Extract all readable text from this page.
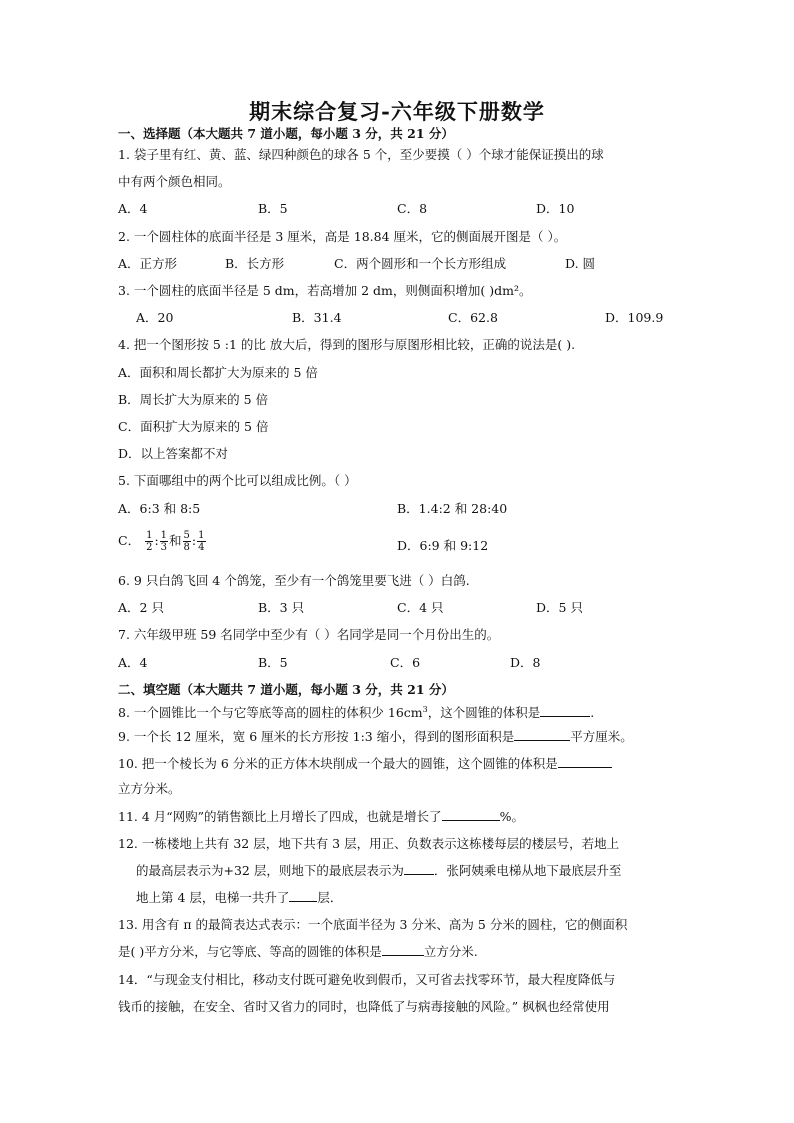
期末综合复习-六年级下册数学
一、选择题（本大题共 7 道小题，每小题 3 分，共 21 分）
1. 袋子里有红、黄、蓝、绿四种颜色的球各 5 个，至少要摸（ ）个球才能保证摸出的球
中有两个颜色相同。
A．4	B．5	C．8	D．10
2. 一个圆柱体的底面半径是 3 厘米，高是 18.84 厘米，它的侧面展开图是（ ）。
A．正方形	B．长方形	C．两个圆形和一个长方形组成	D. 圆
3. 一个圆柱的底面半径是 5 dm，若高增加 2 dm，则侧面积增加( )dm²。
A．20	B．31.4	C．62.8	D．109.9
4. 把一个图形按 5 :1 的比 放大后，得到的图形与原图形相比较，正确的说法是( ).
A．面积和周长都扩大为原来的 5 倍
B．周长扩大为原来的 5 倍
C．面积扩大为原来的 5 倍
D．以上答案都不对
5. 下面哪组中的两个比可以组成比例。（ ）
A．6:3 和 8:5	B．1.4:2 和 28:40
C． $\frac{1}{2}$ : $\frac{1}{3}$ 和 $\frac{5}{8}$ : $\frac{1}{4}$	D．6:9 和 9:12
6. 9 只白鸽飞回 4 个鸽笼，至少有一个鸽笼里要飞进（ ）白鸽.
A．2 只	B．3 只	C．4 只	D．5 只
7. 六年级甲班 59 名同学中至少有（ ）名同学是同一个月份出生的。
A．4	B．5	C．6	D．8
二、填空题（本大题共 7 道小题，每小题 3 分，共 21 分）
8. 一个圆锥比一个与它等底等高的圆柱的体积少 $16cm^3$，这个圆锥的体积是	.
9. 一个长 12 厘米，宽 6 厘米的长方形按 1:3 缩小，得到的图形面积是	平方厘米。
10. 把一个棱长为 6 分米的正方体木块削成一个最大的圆锥，这个圆锥的体积是
立方分米。
11. 4 月“网购”的销售额比上月增长了四成，也就是增长了	%。
12. 一栋楼地上共有 32 层，地下共有 3 层，用正、负数表示这栋楼每层的楼层号，若地上
的最高层表示为+32 层，则地下的最底层表示为 ．张阿姨乘电梯从地下最底层升至
地上第 4 层，电梯一共升了 层．
13. 用含有 π 的最简表达式表示：一个底面半径为 3 分米、高为 5 分米的圆柱，它的侧面积
是( )平方分米，与它等底、等高的圆锥的体积是	立方分米.
14．“与现金支付相比，移动支付既可避免收到假币，又可省去找零环节，最大程度降低与
钱币的接触，在安全、省时又省力的同时，也降低了与病毒接触的风险。” 枫枫也经常使用
